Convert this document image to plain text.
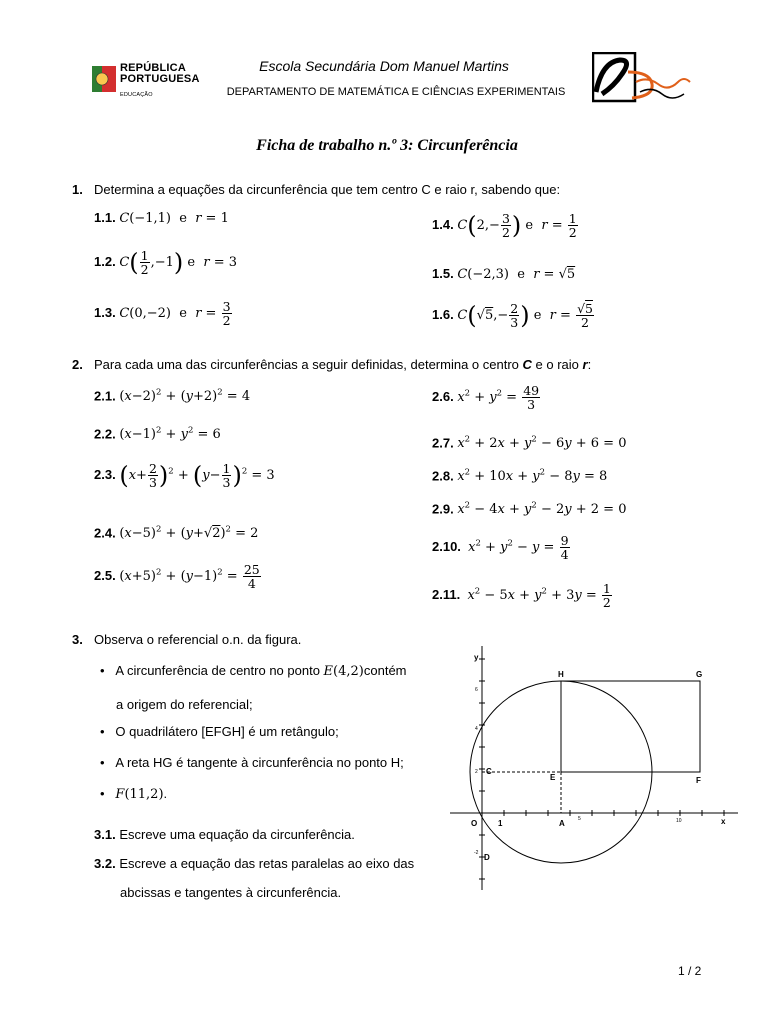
REPÚBLICA
PORTUGUESA
EDUCAÇÃO
Escola Secundária Dom Manuel Martins
DEPARTAMENTO DE MATEMÁTICA E CIÊNCIAS EXPERIMENTAIS
Ficha de trabalho n.º 3: Circunferência
1. Determina a equações da circunferência que tem centro C e raio r, sabendo que:
1.1. C(−1,1)  e  r = 1
1.2. $C( \frac{1}{2} ,-1)$ e  r = 3
1.3. C(0,−2)  e  $r = \frac{3}{2}$
1.4. $C(2,- \frac{3}{2}$ ) e  $r = \frac{1}{2}$
1.5. C(−2,3)  e  r = √5
1.6. $C(√5,- \frac{2}{3}$ ) e  $r = \frac{√5}{2}$
2. Para cada uma das circunferências a seguir definidas, determina o centro C e o raio r:
2.1. $(x-2)^2 + (y+2)^2 = 4$
2.2. $(x-1)^2 + y^2 = 6$
2.3. $(x+ \frac{2}{3} )^2 + (y- \frac{1}{3} )^2 = 3$
2.4. $(x-5)^2 + (y+√2)^2 = 2$
2.5. $(x+5)^2 + (y-1)^2 = \frac{25}{4}$
2.6. $x^2 + y^2 = \frac{49}{3}$
2.7. $x^2 + 2x + y^2 - 6y + 6 = 0$
2.8. $x^2 + 10x + y^2 - 8y = 8$
2.9. $x^2 - 4x + y^2 - 2y + 2 = 0$
2.10. $x^2 + y^2 - y = \frac{9}{4}$
2.11. $x^2 - 5x + y^2 + 3y = \frac{1}{2}$
3. Observa o referencial o.n. da figura.
• A circunferência de centro no ponto E(4,2)contém
a origem do referencial;
• O quadrilátero [EFGH] é um retângulo;
• A reta HG é tangente à circunferência no ponto H;
• F(11,2).
3.1. Escreve uma equação da circunferência.
3.2. Escreve a equação das retas paralelas ao eixo das
abcissas e tangentes à circunferência.
y
x
O	A
C
D
E	F
G
H
1	5	10
2
4
6
-2
1 / 2
